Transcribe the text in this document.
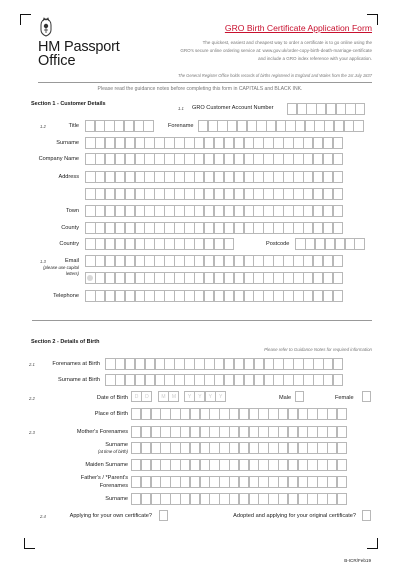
HM Passport
Office
GRO Birth Certificate Application Form
The quickest, easiest and cheapest way to order a certificate is to go online using the
GRO's secure online ordering service at: www.gov.uk/order-copy-birth-death-marriage-certificate
and include a GRO index reference with your application.
The General Register Office holds records of births registered in England and Wales from the 1st July 1837
Please read the guidance notes before completing this form in CAPITALS and BLACK INK.
Section 1 - Customer Details
1.1 GRO Customer Account Number
1.2	Title	Forename
Surname
Company Name
Address
Town
County
Country	Postcode
1.3	Email
(please use capital
letters)
Telephone
Section 2 - Details of Birth
Please refer to Guidance Notes for required information
2.1	Forenames at Birth
Surname at Birth
2.2	Date of Birth	D	D	M	M	Y	Y	Y	Y	Male	Female
Place of Birth
2.3	Mother's Forenames
Surname
(at time of birth)
Maiden Surname
Father's / *Parent's
Forenames
Surname
2.4	Applying for your own certificate?	Adopted and applying for your original certificate?
B-ICR/Feb19
